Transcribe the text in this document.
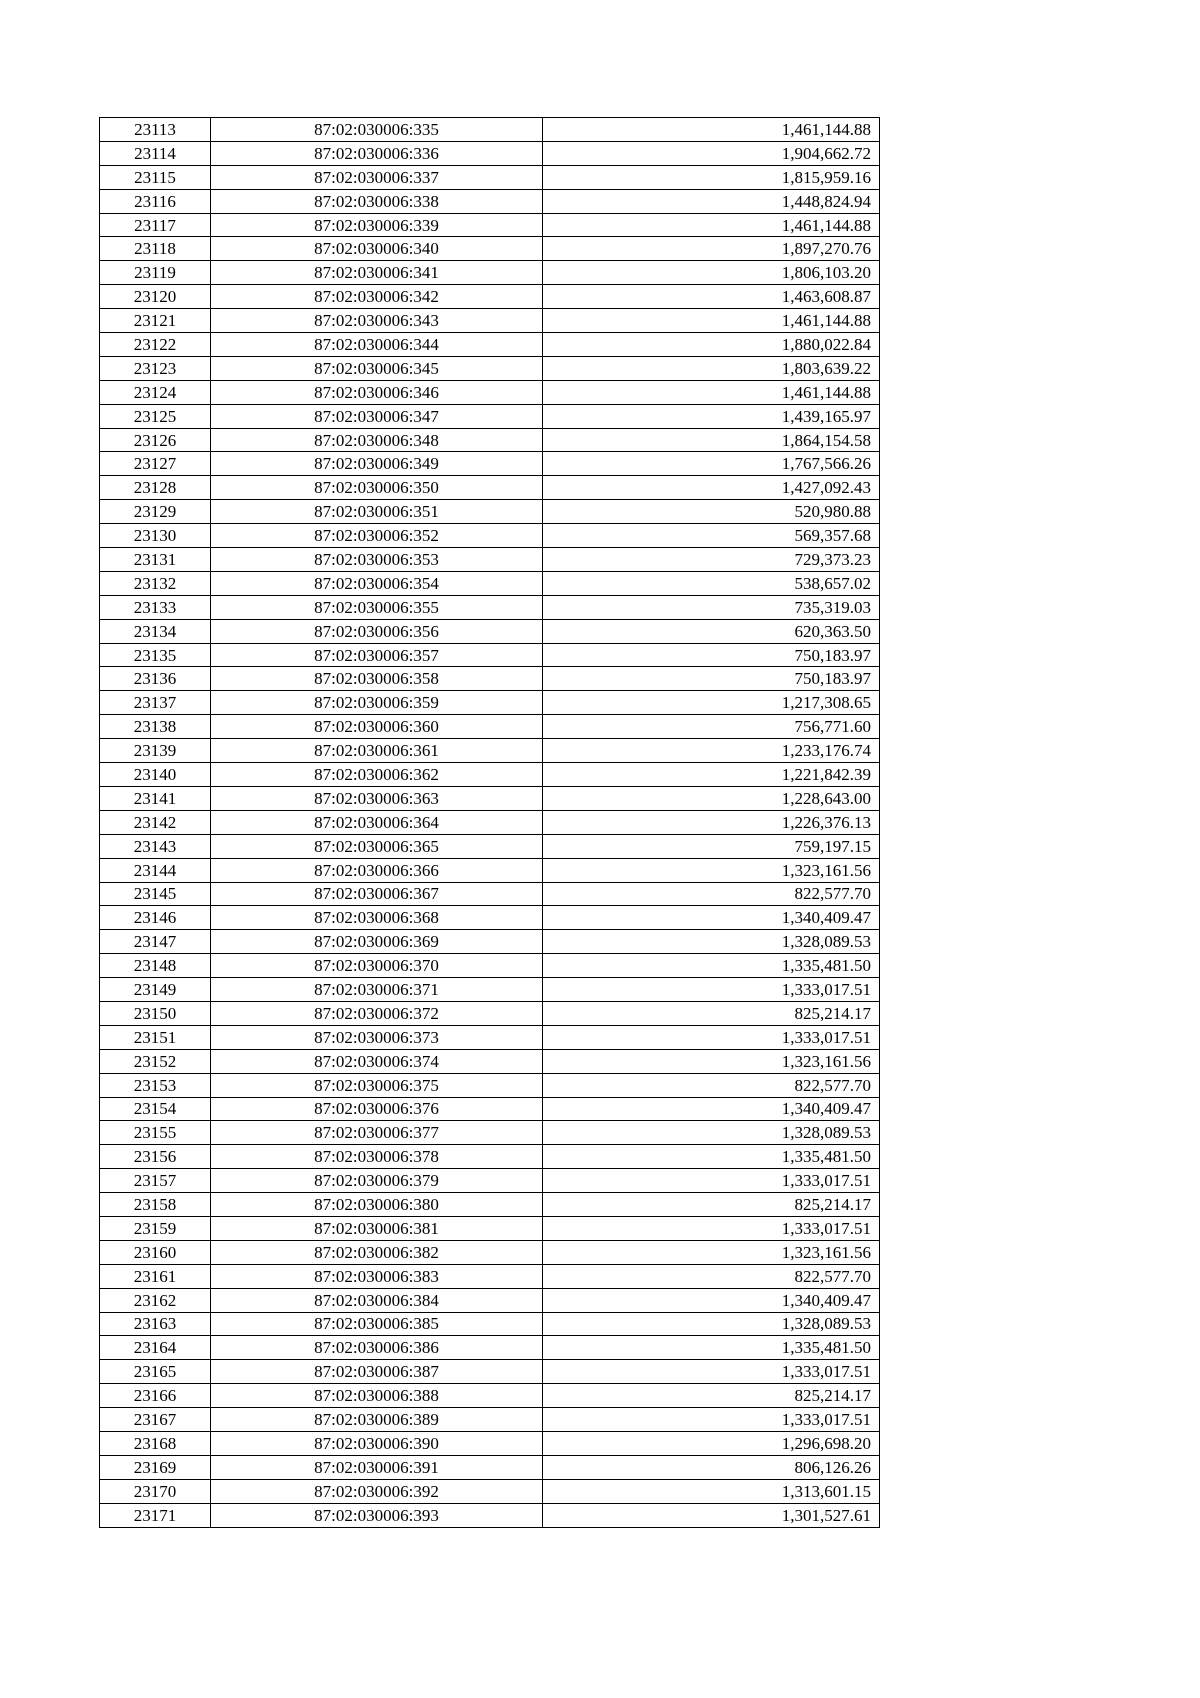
23113	87:02:030006:335	1,461,144.88
23114	87:02:030006:336	1,904,662.72
23115	87:02:030006:337	1,815,959.16
23116	87:02:030006:338	1,448,824.94
23117	87:02:030006:339	1,461,144.88
23118	87:02:030006:340	1,897,270.76
23119	87:02:030006:341	1,806,103.20
23120	87:02:030006:342	1,463,608.87
23121	87:02:030006:343	1,461,144.88
23122	87:02:030006:344	1,880,022.84
23123	87:02:030006:345	1,803,639.22
23124	87:02:030006:346	1,461,144.88
23125	87:02:030006:347	1,439,165.97
23126	87:02:030006:348	1,864,154.58
23127	87:02:030006:349	1,767,566.26
23128	87:02:030006:350	1,427,092.43
23129	87:02:030006:351	520,980.88
23130	87:02:030006:352	569,357.68
23131	87:02:030006:353	729,373.23
23132	87:02:030006:354	538,657.02
23133	87:02:030006:355	735,319.03
23134	87:02:030006:356	620,363.50
23135	87:02:030006:357	750,183.97
23136	87:02:030006:358	750,183.97
23137	87:02:030006:359	1,217,308.65
23138	87:02:030006:360	756,771.60
23139	87:02:030006:361	1,233,176.74
23140	87:02:030006:362	1,221,842.39
23141	87:02:030006:363	1,228,643.00
23142	87:02:030006:364	1,226,376.13
23143	87:02:030006:365	759,197.15
23144	87:02:030006:366	1,323,161.56
23145	87:02:030006:367	822,577.70
23146	87:02:030006:368	1,340,409.47
23147	87:02:030006:369	1,328,089.53
23148	87:02:030006:370	1,335,481.50
23149	87:02:030006:371	1,333,017.51
23150	87:02:030006:372	825,214.17
23151	87:02:030006:373	1,333,017.51
23152	87:02:030006:374	1,323,161.56
23153	87:02:030006:375	822,577.70
23154	87:02:030006:376	1,340,409.47
23155	87:02:030006:377	1,328,089.53
23156	87:02:030006:378	1,335,481.50
23157	87:02:030006:379	1,333,017.51
23158	87:02:030006:380	825,214.17
23159	87:02:030006:381	1,333,017.51
23160	87:02:030006:382	1,323,161.56
23161	87:02:030006:383	822,577.70
23162	87:02:030006:384	1,340,409.47
23163	87:02:030006:385	1,328,089.53
23164	87:02:030006:386	1,335,481.50
23165	87:02:030006:387	1,333,017.51
23166	87:02:030006:388	825,214.17
23167	87:02:030006:389	1,333,017.51
23168	87:02:030006:390	1,296,698.20
23169	87:02:030006:391	806,126.26
23170	87:02:030006:392	1,313,601.15
23171	87:02:030006:393	1,301,527.61
